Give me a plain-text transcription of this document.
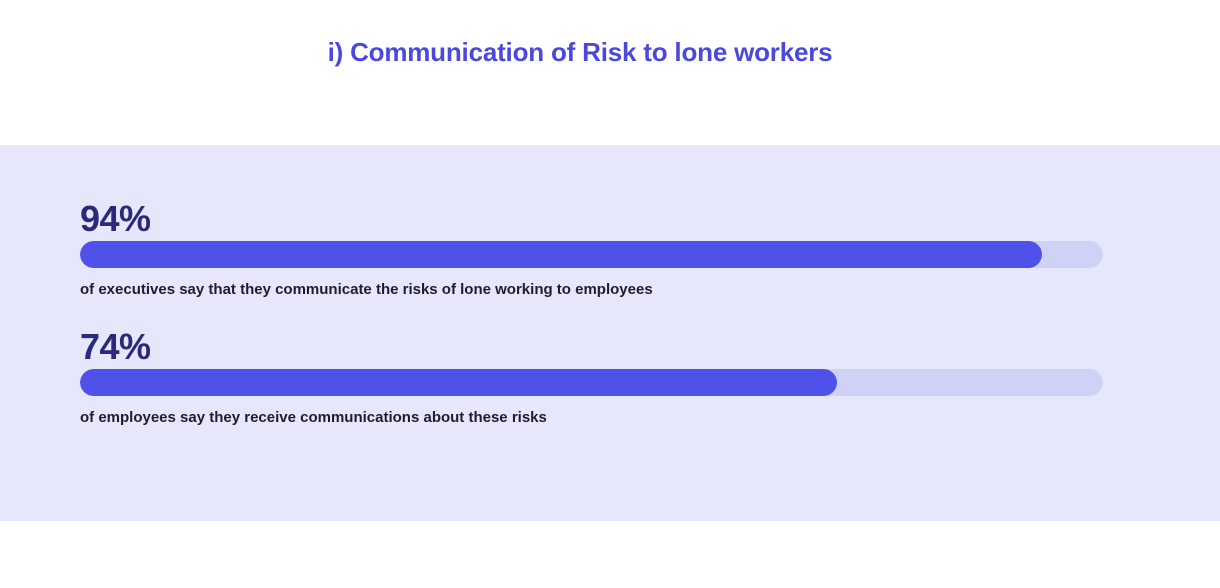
i) Communication of Risk to lone workers
94%
of executives say that they communicate the risks of lone working to employees
74%
of employees say they receive communications about these risks
